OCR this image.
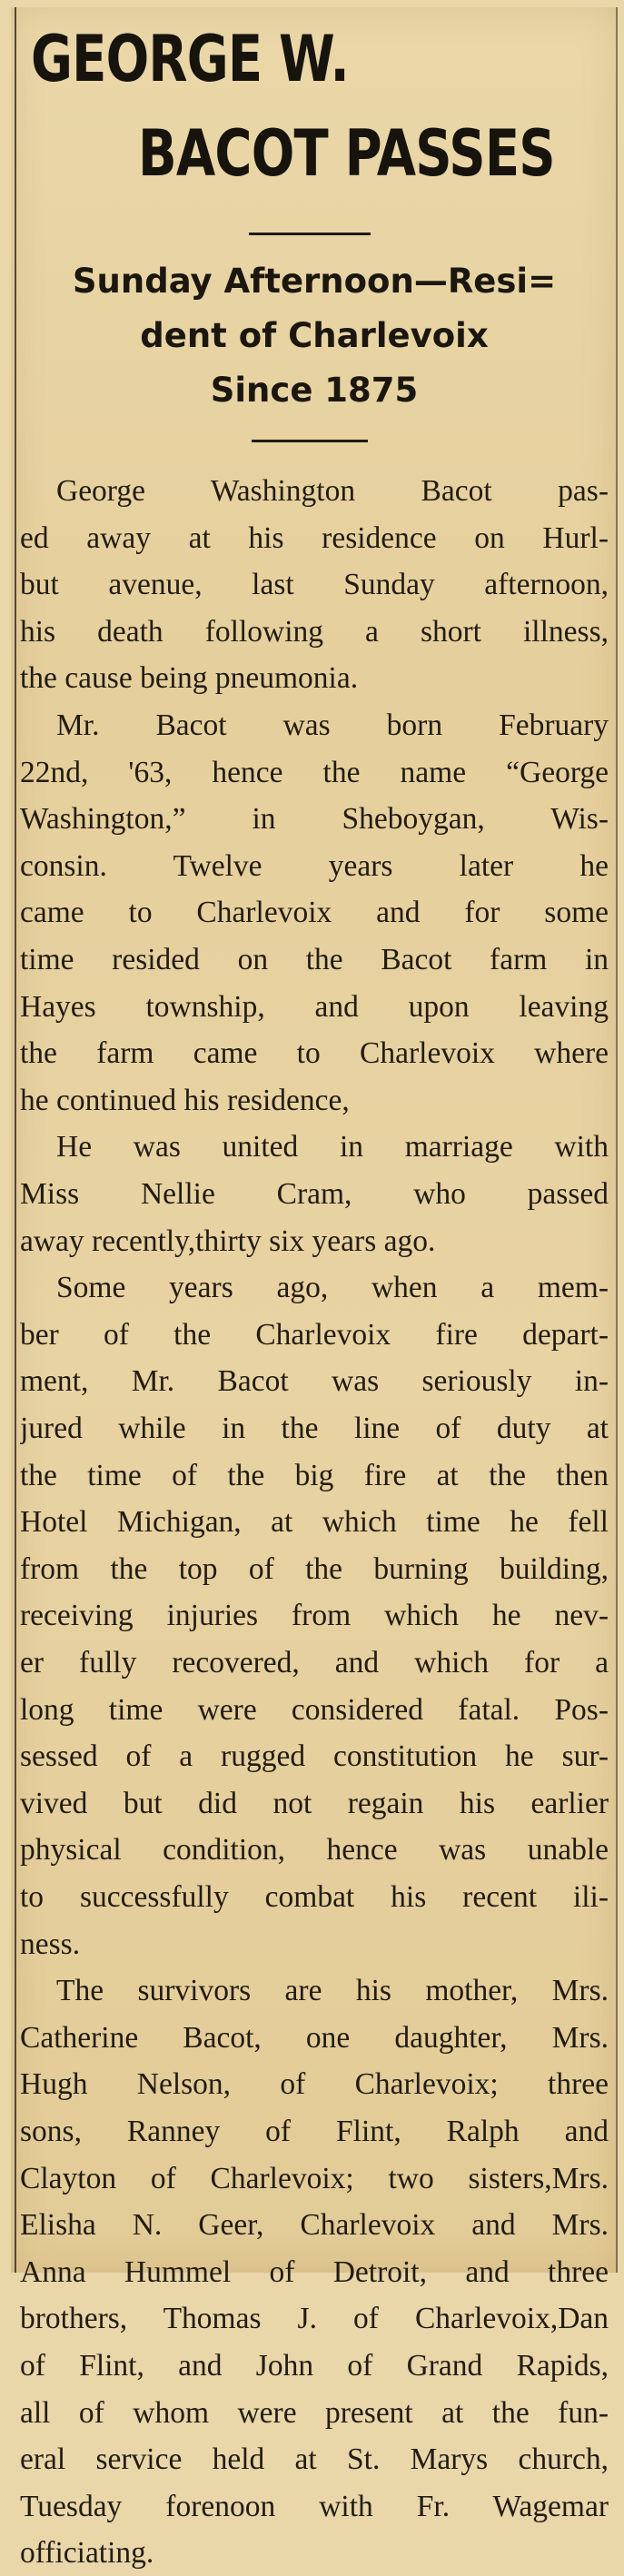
GEORGE W.
BACOT PASSES
Sunday Afternoon—Resi=
dent of Charlevoix
Since 1875
George Washington Bacot pas-
ed away at his residence on Hurl-
but avenue, last Sunday afternoon,
his death following a short illness,
the cause being pneumonia.
Mr. Bacot was born February
22nd, '63, hence the name “George
Washington,” in Sheboygan, Wis-
consin. Twelve years later he
came to Charlevoix and for some
time resided on the Bacot farm in
Hayes township, and upon leaving
the farm came to Charlevoix where
he continued his residence,
He was united in marriage with
Miss Nellie Cram, who passed
away recently,thirty six years ago.
Some years ago, when a mem-
ber of the Charlevoix fire depart-
ment, Mr. Bacot was seriously in-
jured while in the line of duty at
the time of the big fire at the then
Hotel Michigan, at which time he fell
from the top of the burning building,
receiving injuries from which he nev-
er fully recovered, and which for a
long time were considered fatal. Pos-
sessed of a rugged constitution he sur-
vived but did not regain his earlier
physical condition, hence was unable
to successfully combat his recent ili-
ness.
The survivors are his mother, Mrs.
Catherine Bacot, one daughter, Mrs.
Hugh Nelson, of Charlevoix; three
sons, Ranney of Flint, Ralph and
Clayton of Charlevoix; two sisters,Mrs.
Elisha N. Geer, Charlevoix and Mrs.
Anna Hummel of Detroit, and three
brothers, Thomas J. of Charlevoix,Dan
of Flint, and John of Grand Rapids,
all of whom were present at the fun-
eral service held at St. Marys church,
Tuesday forenoon with Fr. Wagemar
officiating.
